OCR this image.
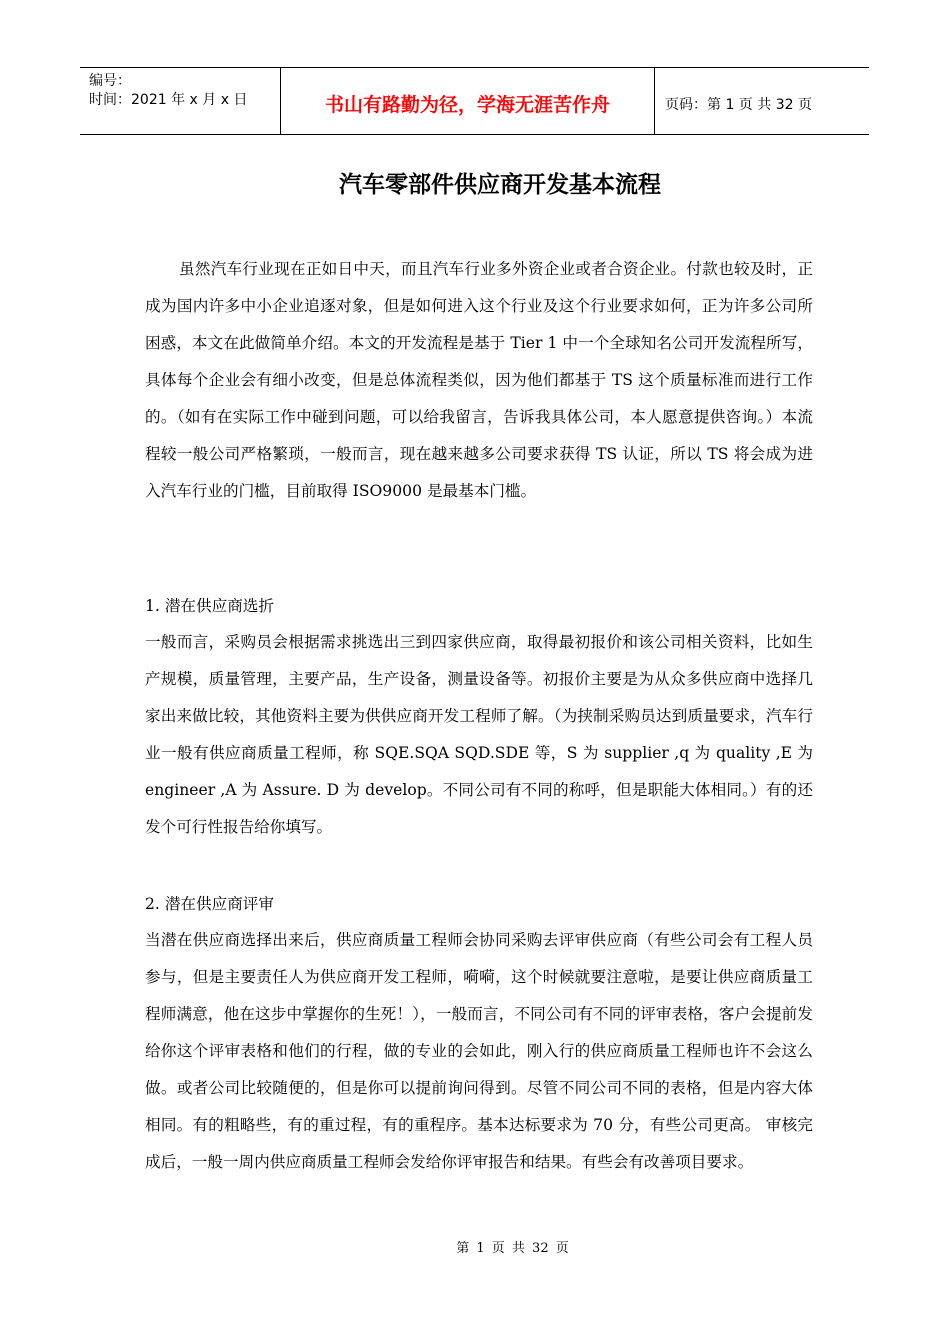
编号：
时间：2021 年 x 月 x 日	书山有路勤为径，学海无涯苦作舟	页码：第 1 页 共 32 页
汽车零部件供应商开发基本流程
虽然汽车行业现在正如日中天，而且汽车行业多外资企业或者合资企业。付款也较及时，正成为国内许多中小企业追逐对象，但是如何进入这个行业及这个行业要求如何，正为许多公司所困惑，本文在此做简单介绍。本文的开发流程是基于 Tier 1 中一个全球知名公司开发流程所写，具体每个企业会有细小改变，但是总体流程类似，因为他们都基于 TS 这个质量标准而进行工作的。（如有在实际工作中碰到问题，可以给我留言，告诉我具体公司，本人愿意提供咨询。）本流程较一般公司严格繁琐，一般而言，现在越来越多公司要求获得 TS 认证，所以 TS 将会成为进入汽车行业的门槛，目前取得 ISO9000 是最基本门槛。
1. 潜在供应商选折
一般而言，采购员会根据需求挑选出三到四家供应商，取得最初报价和该公司相关资料，比如生产规模，质量管理，主要产品，生产设备，测量设备等。初报价主要是为从众多供应商中选择几家出来做比较，其他资料主要为供供应商开发工程师了解。（为挟制采购员达到质量要求，汽车行业一般有供应商质量工程师，称 SQE.SQA SQD.SDE 等，S 为 supplier ,q 为 quality ,E 为 engineer ,A 为 Assure. D 为 develop。不同公司有不同的称呼，但是职能大体相同。）有的还发个可行性报告给你填写。
2. 潜在供应商评审
当潜在供应商选择出来后，供应商质量工程师会协同采购去评审供应商（有些公司会有工程人员参与，但是主要责任人为供应商开发工程师，嗬嗬，这个时候就要注意啦，是要让供应商质量工程师满意，他在这步中掌握你的生死！），一般而言，不同公司有不同的评审表格，客户会提前发给你这个评审表格和他们的行程，做的专业的会如此，刚入行的供应商质量工程师也许不会这么做。或者公司比较随便的，但是你可以提前询问得到。尽管不同公司不同的表格，但是内容大体相同。有的粗略些，有的重过程，有的重程序。基本达标要求为 70 分，有些公司更高。 审核完成后，一般一周内供应商质量工程师会发给你评审报告和结果。有些会有改善项目要求。
第 1 页 共 32 页
